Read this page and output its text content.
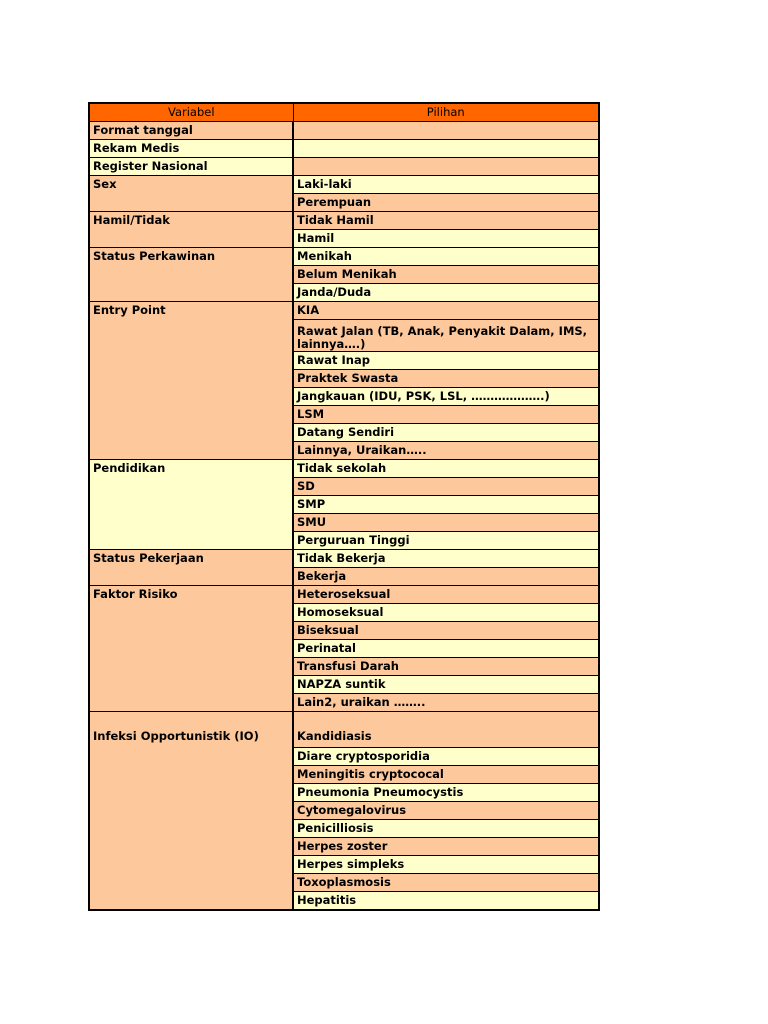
Variabel	Pilihan
Format tanggal	
Rekam Medis	
Register Nasional	
Sex	Laki-laki
	Perempuan
Hamil/Tidak	Tidak Hamil
	Hamil
Status Perkawinan	Menikah
	Belum Menikah
	Janda/Duda
Entry Point	KIA
	Rawat Jalan (TB, Anak, Penyakit Dalam, IMS, lainnya….)
	Rawat Inap
	Praktek Swasta
	Jangkauan (IDU, PSK, LSL, ……………….)
	LSM
	Datang Sendiri
	Lainnya, Uraikan…..
Pendidikan	Tidak sekolah
	SD
	SMP
	SMU
	Perguruan Tinggi
Status Pekerjaan	Tidak Bekerja
	Bekerja
Faktor Risiko	Heteroseksual
	Homoseksual
	Biseksual
	Perinatal
	Transfusi Darah
	NAPZA suntik
	Lain2, uraikan ……..
Infeksi Opportunistik (IO)	Kandidiasis
	Diare cryptosporidia
	Meningitis cryptococal
	Pneumonia Pneumocystis
	Cytomegalovirus
	Penicilliosis
	Herpes zoster
	Herpes simpleks
	Toxoplasmosis
	Hepatitis
